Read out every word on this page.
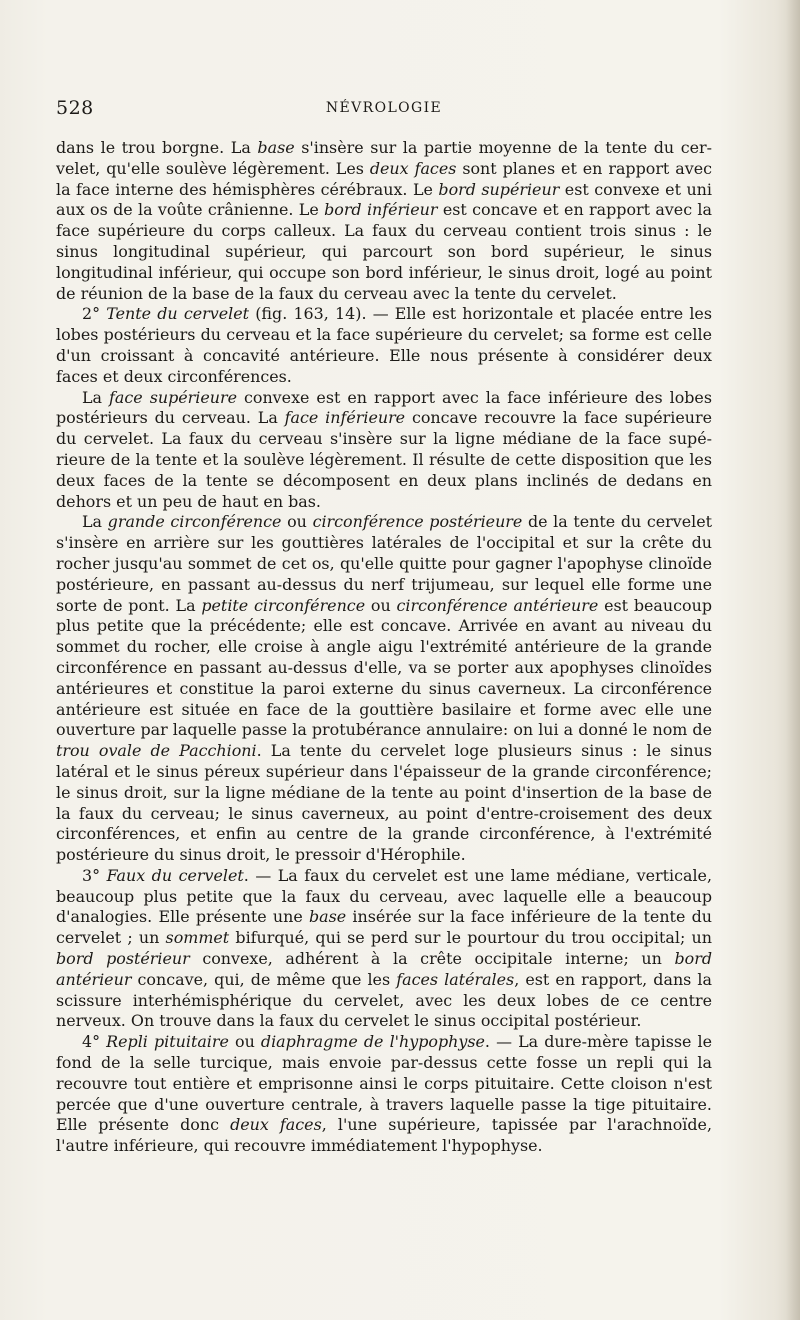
528	NÉVROLOGIE

dans le trou borgne. La base s'insère sur la partie moyenne de la tente du cervelet, qu'elle soulève légèrement. Les deux faces sont planes et en rapport avec la face interne des hémisphères cérébraux. Le bord supérieur est convexe et uni aux os de la voûte crânienne. Le bord inférieur est concave et en rapport avec la face supérieure du corps calleux. La faux du cerveau contient trois sinus : le sinus longitudinal supérieur, qui parcourt son bord supérieur, le sinus longitudinal inférieur, qui occupe son bord inférieur, le sinus droit, logé au point de réunion de la base de la faux du cerveau avec la tente du cervelet.

2° Tente du cervelet (fig. 163, 14). — Elle est horizontale et placée entre les lobes postérieurs du cerveau et la face supérieure du cervelet; sa forme est celle d'un croissant à concavité antérieure. Elle nous présente à considérer deux faces et deux circonférences.

La face supérieure convexe est en rapport avec la face inférieure des lobes postérieurs du cerveau. La face inférieure concave recouvre la face supérieure du cervelet. La faux du cerveau s'insère sur la ligne médiane de la face supérieure de la tente et la soulève légèrement. Il résulte de cette disposition que les deux faces de la tente se décomposent en deux plans inclinés de dedans en dehors et un peu de haut en bas.

La grande circonférence ou circonférence postérieure de la tente du cervelet s'insère en arrière sur les gouttières latérales de l'occipital et sur la crête du rocher jusqu'au sommet de cet os, qu'elle quitte pour gagner l'apophyse clinoïde postérieure, en passant au-dessus du nerf trijumeau, sur lequel elle forme une sorte de pont. La petite circonférence ou circonférence antérieure est beaucoup plus petite que la précédente; elle est concave. Arrivée en avant au niveau du sommet du rocher, elle croise à angle aigu l'extrémité antérieure de la grande circonférence en passant au-dessus d'elle, va se porter aux apophyses clinoïdes antérieures et constitue la paroi externe du sinus caverneux. La circonférence antérieure est située en face de la gouttière basilaire et forme avec elle une ouverture par laquelle passe la protubérance annulaire: on lui a donné le nom de trou ovale de Pacchioni. La tente du cervelet loge plusieurs sinus : le sinus latéral et le sinus péreux supérieur dans l'épaisseur de la grande circonférence; le sinus droit, sur la ligne médiane de la tente au point d'insertion de la base de la faux du cerveau; le sinus caverneux, au point d'entre-croisement des deux circonférences, et enfin au centre de la grande circonférence, à l'extrémité postérieure du sinus droit, le pressoir d'Hérophile.

3° Faux du cervelet. — La faux du cervelet est une lame médiane, verticale, beaucoup plus petite que la faux du cerveau, avec laquelle elle a beaucoup d'analogies. Elle présente une base insérée sur la face inférieure de la tente du cervelet ; un sommet bifurqué, qui se perd sur le pourtour du trou occipital; un bord postérieur convexe, adhérent à la crête occipitale interne; un bord antérieur concave, qui, de même que les faces latérales, est en rapport, dans la scissure interhémisphérique du cervelet, avec les deux lobes de ce centre nerveux. On trouve dans la faux du cervelet le sinus occipital postérieur.

4° Repli pituitaire ou diaphragme de l'hypophyse. — La dure-mère tapisse le fond de la selle turcique, mais envoie par-dessus cette fosse un repli qui la recouvre tout entière et emprisonne ainsi le corps pituitaire. Cette cloison n'est percée que d'une ouverture centrale, à travers laquelle passe la tige pituitaire. Elle présente donc deux faces, l'une supérieure, tapissée par l'arachnoïde, l'autre inférieure, qui recouvre immédiatement l'hypophyse.
